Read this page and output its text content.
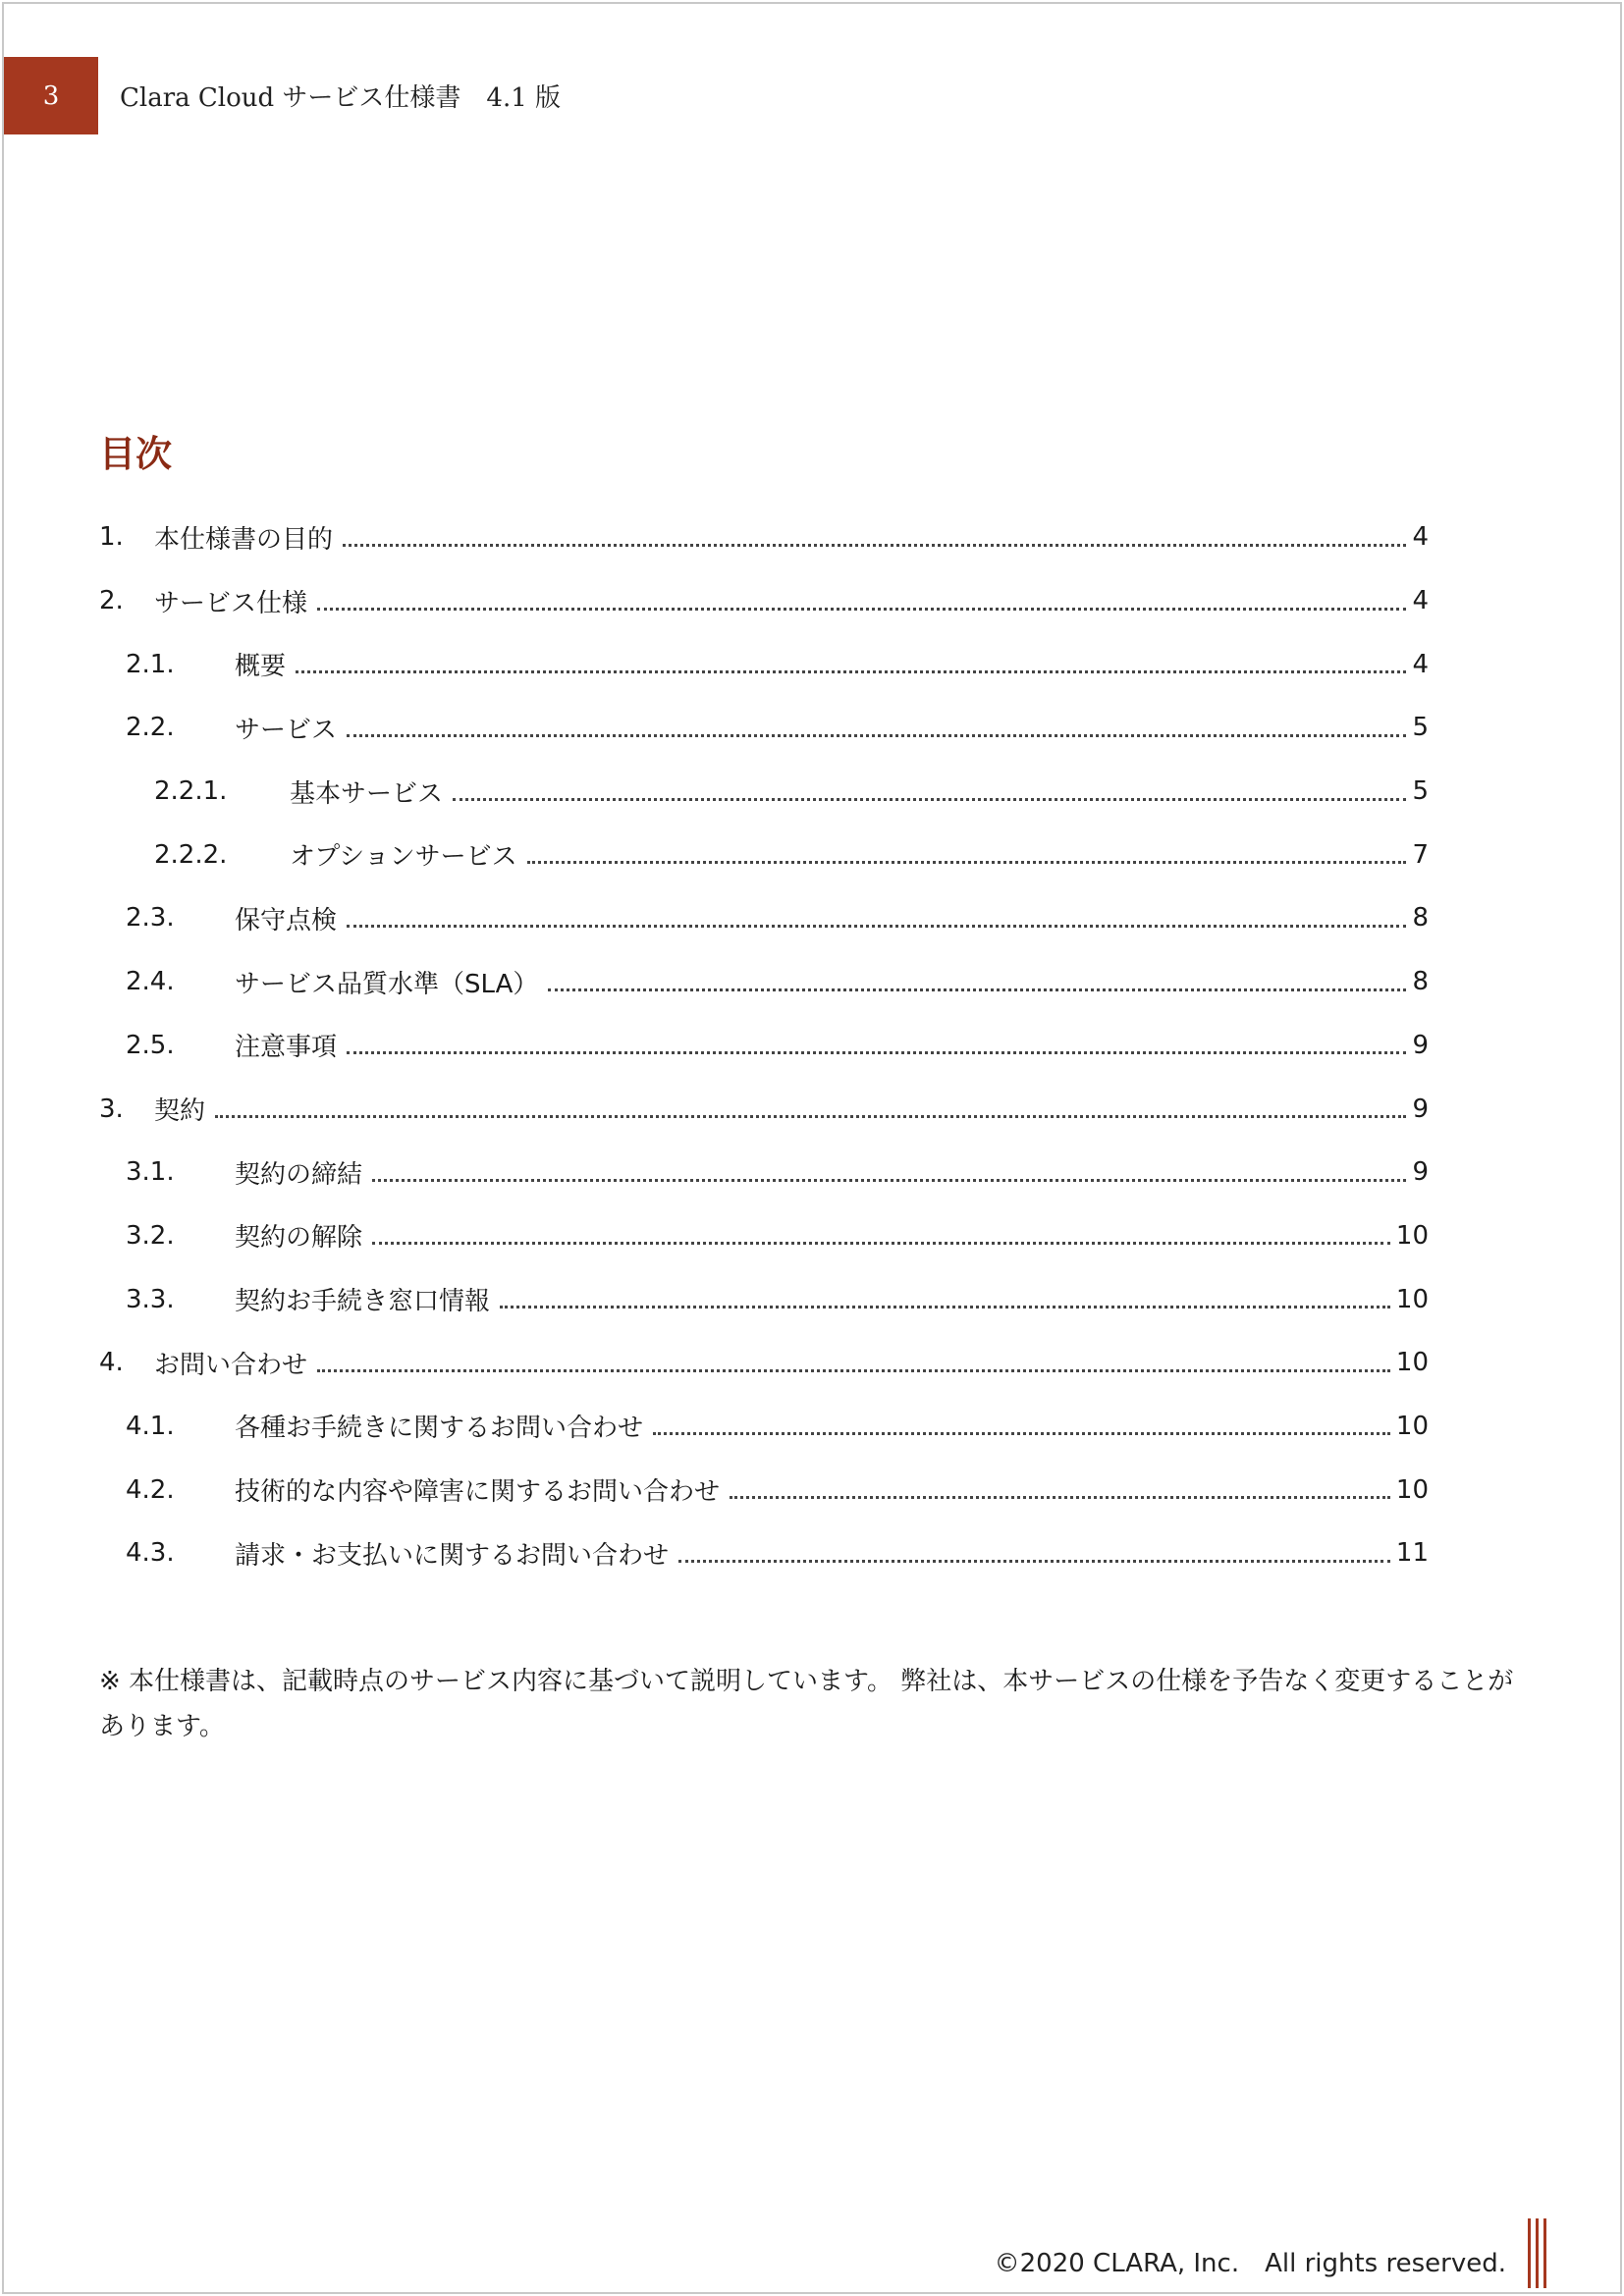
3 Clara Cloud サービス仕様書　4.1 版
目次
1.	本仕様書の目的	4
2.	サービス仕様	4
2.1.	概要	4
2.2.	サービス	5
2.2.1.	基本サービス	5
2.2.2.	オプションサービス	7
2.3.	保守点検	8
2.4.	サービス品質水準（SLA）	8
2.5.	注意事項	9
3.	契約	9
3.1.	契約の締結	9
3.2.	契約の解除	10
3.3.	契約お手続き窓口情報	10
4.	お問い合わせ	10
4.1.	各種お手続きに関するお問い合わせ	10
4.2.	技術的な内容や障害に関するお問い合わせ	10
4.3.	請求・お支払いに関するお問い合わせ	11

※ 本仕様書は、記載時点のサービス内容に基づいて説明しています。 弊社は、本サービスの仕様を予告なく変更することがあります。

©2020 CLARA, Inc.　All rights reserved.
